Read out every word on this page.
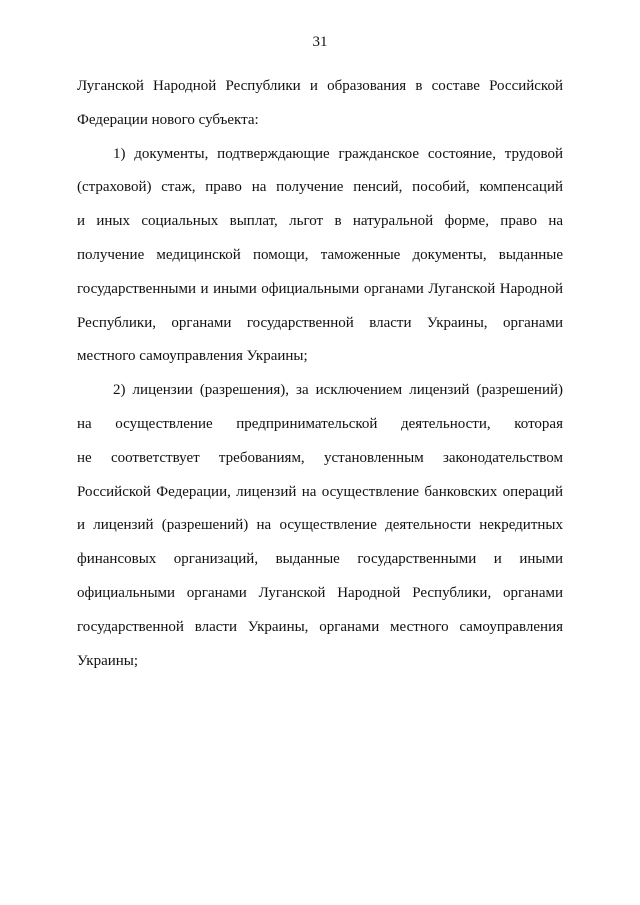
31
Луганской Народной Республики и образования в составе Российской
Федерации нового субъекта:
1) документы, подтверждающие гражданское состояние, трудовой
(страховой) стаж, право на получение пенсий, пособий, компенсаций
и иных социальных выплат, льгот в натуральной форме, право на
получение медицинской помощи, таможенные документы, выданные
государственными и иными официальными органами Луганской Народной
Республики, органами государственной власти Украины, органами
местного самоуправления Украины;
2) лицензии (разрешения), за исключением лицензий (разрешений)
на осуществление предпринимательской деятельности, которая
не соответствует требованиям, установленным законодательством
Российской Федерации, лицензий на осуществление банковских операций
и лицензий (разрешений) на осуществление деятельности некредитных
финансовых организаций, выданные государственными и иными
официальными органами Луганской Народной Республики, органами
государственной власти Украины, органами местного самоуправления
Украины;
